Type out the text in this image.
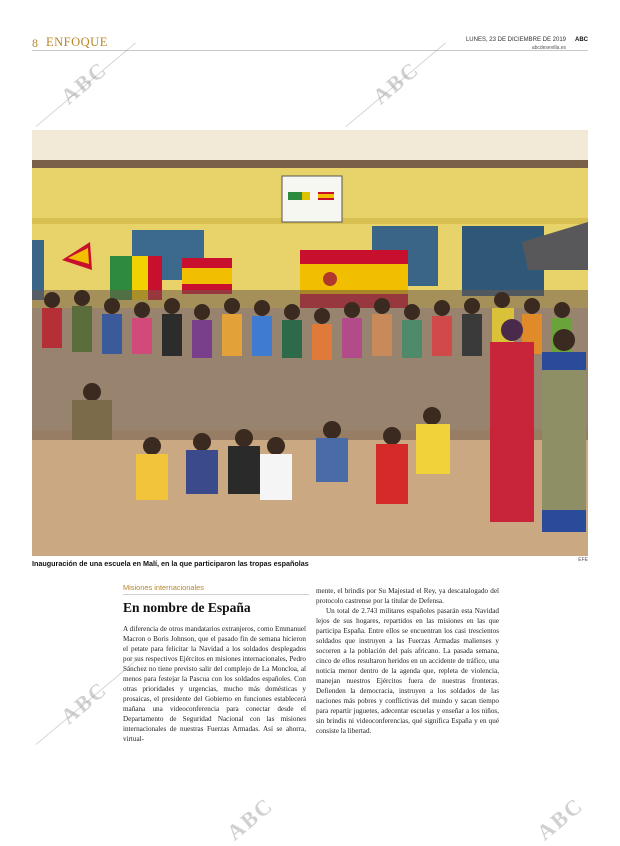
8 ENFOQUE	LUNES, 23 DE DICIEMBRE DE 2019 ABC
abcdesevilla.es
EFE
Inauguración de una escuela en Malí, en la que participaron las tropas españolas
Misiones internacionales
En nombre de España

A diferencia de otros mandatarios extranjeros, como Emmanuel Macron o Boris Johnson, que el pasado fin de semana hicieron el petate para felicitar la Navidad a los soldados desplegados por sus respectivos Ejércitos en misiones internacionales, Pedro Sánchez no tiene previsto salir del complejo de La Moncloa, al menos para festejar la Pascua con los soldados españoles. Con otras prioridades y urgencias, mucho más domésticas y prosaicas, el presidente del Gobierno en funciones establecerá mañana una videoconferencia para conectar desde el Departamento de Seguridad Nacional con las misiones internacionales de nuestras Fuerzas Armadas. Así se ahorra, virtual-

mente, el brindis por Su Majestad el Rey, ya descatalogado del protocolo castrense por la titular de Defensa.

Un total de 2.743 militares españoles pasarán esta Navidad lejos de sus hogares, repartidos en las misiones en las que participa España. Entre ellos se encuentran los casi trescientos soldados que instruyen a las Fuerzas Armadas malienses y socorren a la población del país africano. La pasada semana, cinco de ellos resultaron heridos en un accidente de tráfico, una noticia menor dentro de la agenda que, repleta de violencia, manejan nuestros Ejércitos fuera de nuestras fronteras. Defienden la democracia, instruyen a los soldados de las naciones más pobres y conflictivas del mundo y sacan tiempo para repartir juguetes, adecentar escuelas y enseñar a los niños, sin brindis ni videoconferencias, qué significa España y en qué consiste la libertad.

ABC	ABC
ABC
ABC	ABC
